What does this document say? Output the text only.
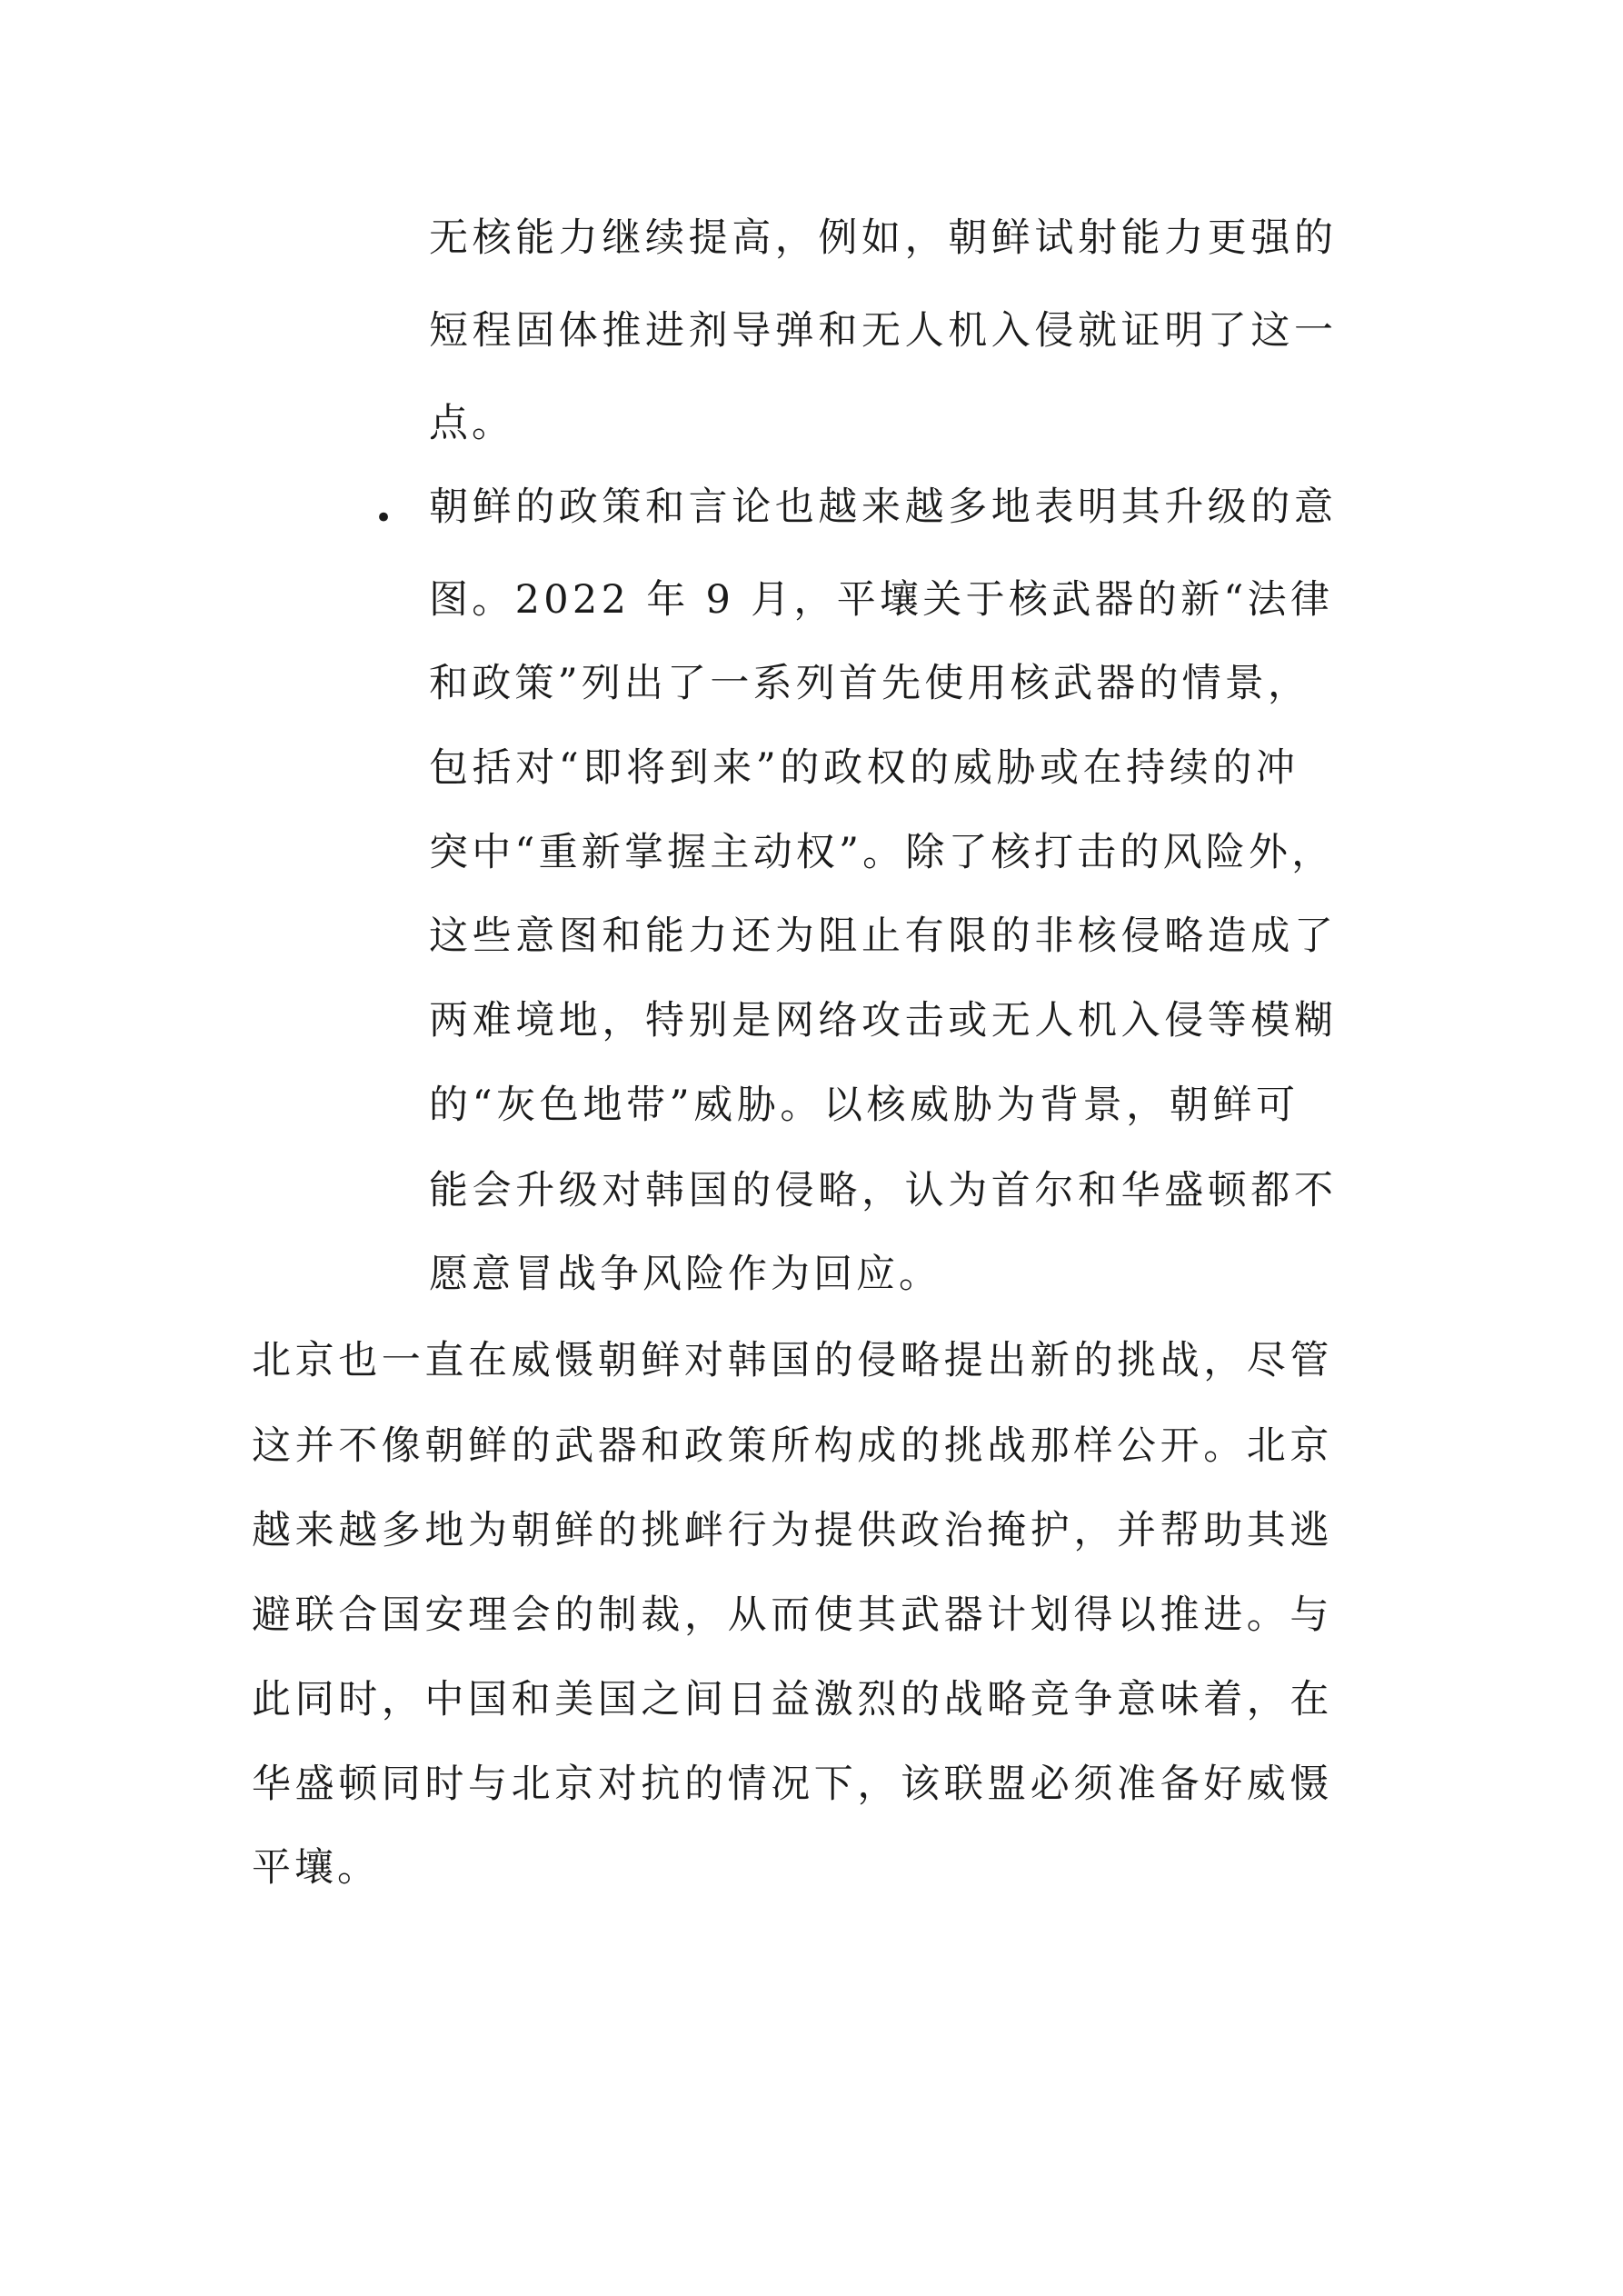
无核能力继续提高，例如，朝鲜试射能力更强的
短程固体推进剂导弹和无人机入侵就证明了这一
点。
• 朝鲜的政策和言论也越来越多地表明其升级的意
图。2022 年 9 月，平壤关于核武器的新“法律
和政策”列出了一系列首先使用核武器的情景，
包括对“即将到来”的政权的威胁或在持续的冲
突中“重新掌握主动权”。除了核打击的风险外，
这些意图和能力还为阻止有限的非核侵略造成了
两难境地，特别是网络攻击或无人机入侵等模糊
的“灰色地带”威胁。以核威胁为背景，朝鲜可
能会升级对韩国的侵略，认为首尔和华盛顿都不
愿意冒战争风险作为回应。
北京也一直在威慑朝鲜对韩国的侵略提出新的挑战，尽管
这并不像朝鲜的武器和政策所构成的挑战那样公开。北京
越来越多地为朝鲜的挑衅行为提供政治掩护，并帮助其逃
避联合国安理会的制裁，从而使其武器计划得以推进。与
此同时，中国和美国之间日益激烈的战略竞争意味着，在
华盛顿同时与北京对抗的情况下，该联盟必须准备好威慑
平壤。
